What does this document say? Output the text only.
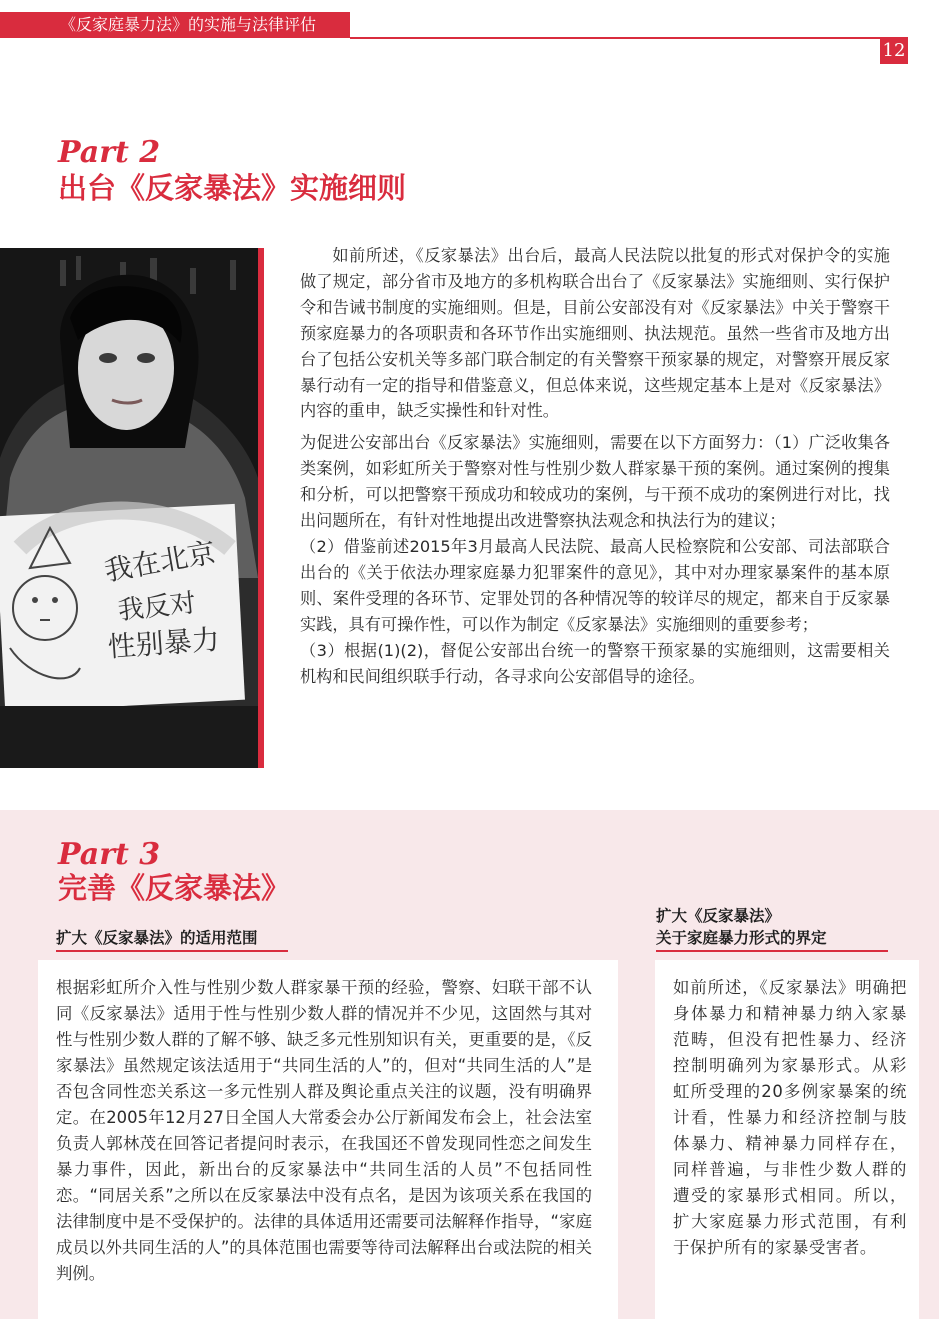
《反家庭暴力法》的实施与法律评估
12
Part 2
出台《反家暴法》实施细则
我在北京
我反对
性别暴力

如前所述，《反家暴法》出台后，最高人民法院以批复的形式对保护令的实施做了规定，部分省市及地方的多机构联合出台了《反家暴法》实施细则、实行保护令和告诫书制度的实施细则。但是，目前公安部没有对《反家暴法》中关于警察干预家庭暴力的各项职责和各环节作出实施细则、执法规范。虽然一些省市及地方出台了包括公安机关等多部门联合制定的有关警察干预家暴的规定，对警察开展反家暴行动有一定的指导和借鉴意义，但总体来说，这些规定基本上是对《反家暴法》内容的重申，缺乏实操性和针对性。

为促进公安部出台《反家暴法》实施细则，需要在以下方面努力：（1）广泛收集各类案例，如彩虹所关于警察对性与性别少数人群家暴干预的案例。通过案例的搜集和分析，可以把警察干预成功和较成功的案例，与干预不成功的案例进行对比，找出问题所在，有针对性地提出改进警察执法观念和执法行为的建议；

（2）借鉴前述2015年3月最高人民法院、最高人民检察院和公安部、司法部联合出台的《关于依法办理家庭暴力犯罪案件的意见》，其中对办理家暴案件的基本原则、案件受理的各环节、定罪处罚的各种情况等的较详尽的规定，都来自于反家暴实践，具有可操作性，可以作为制定《反家暴法》实施细则的重要参考；

（3）根据(1)(2)，督促公安部出台统一的警察干预家暴的实施细则，这需要相关机构和民间组织联手行动，各寻求向公安部倡导的途径。

Part 3
完善《反家暴法》
扩大《反家暴法》的适用范围
扩大《反家暴法》
关于家庭暴力形式的界定
根据彩虹所介入性与性别少数人群家暴干预的经验，警察、妇联干部不认同《反家暴法》适用于性与性别少数人群的情况并不少见，这固然与其对性与性别少数人群的了解不够、缺乏多元性别知识有关，更重要的是，《反家暴法》虽然规定该法适用于“共同生活的人”的，但对“共同生活的人”是否包含同性恋关系这一多元性别人群及舆论重点关注的议题，没有明确界定。在2005年12月27日全国人大常委会办公厅新闻发布会上，社会法室负责人郭林茂在回答记者提问时表示，在我国还不曾发现同性恋之间发生暴力事件，因此，新出台的反家暴法中“共同生活的人员”不包括同性恋。“同居关系”之所以在反家暴法中没有点名，是因为该项关系在我国的法律制度中是不受保护的。法律的具体适用还需要司法解释作指导，“家庭成员以外共同生活的人”的具体范围也需要等待司法解释出台或法院的相关判例。
如前所述，《反家暴法》明确把身体暴力和精神暴力纳入家暴范畴，但没有把性暴力、经济控制明确列为家暴形式。从彩虹所受理的20多例家暴案的统计看，性暴力和经济控制与肢体暴力、精神暴力同样存在，同样普遍，与非性少数人群的遭受的家暴形式相同。所以，扩大家庭暴力形式范围，有利于保护所有的家暴受害者。
